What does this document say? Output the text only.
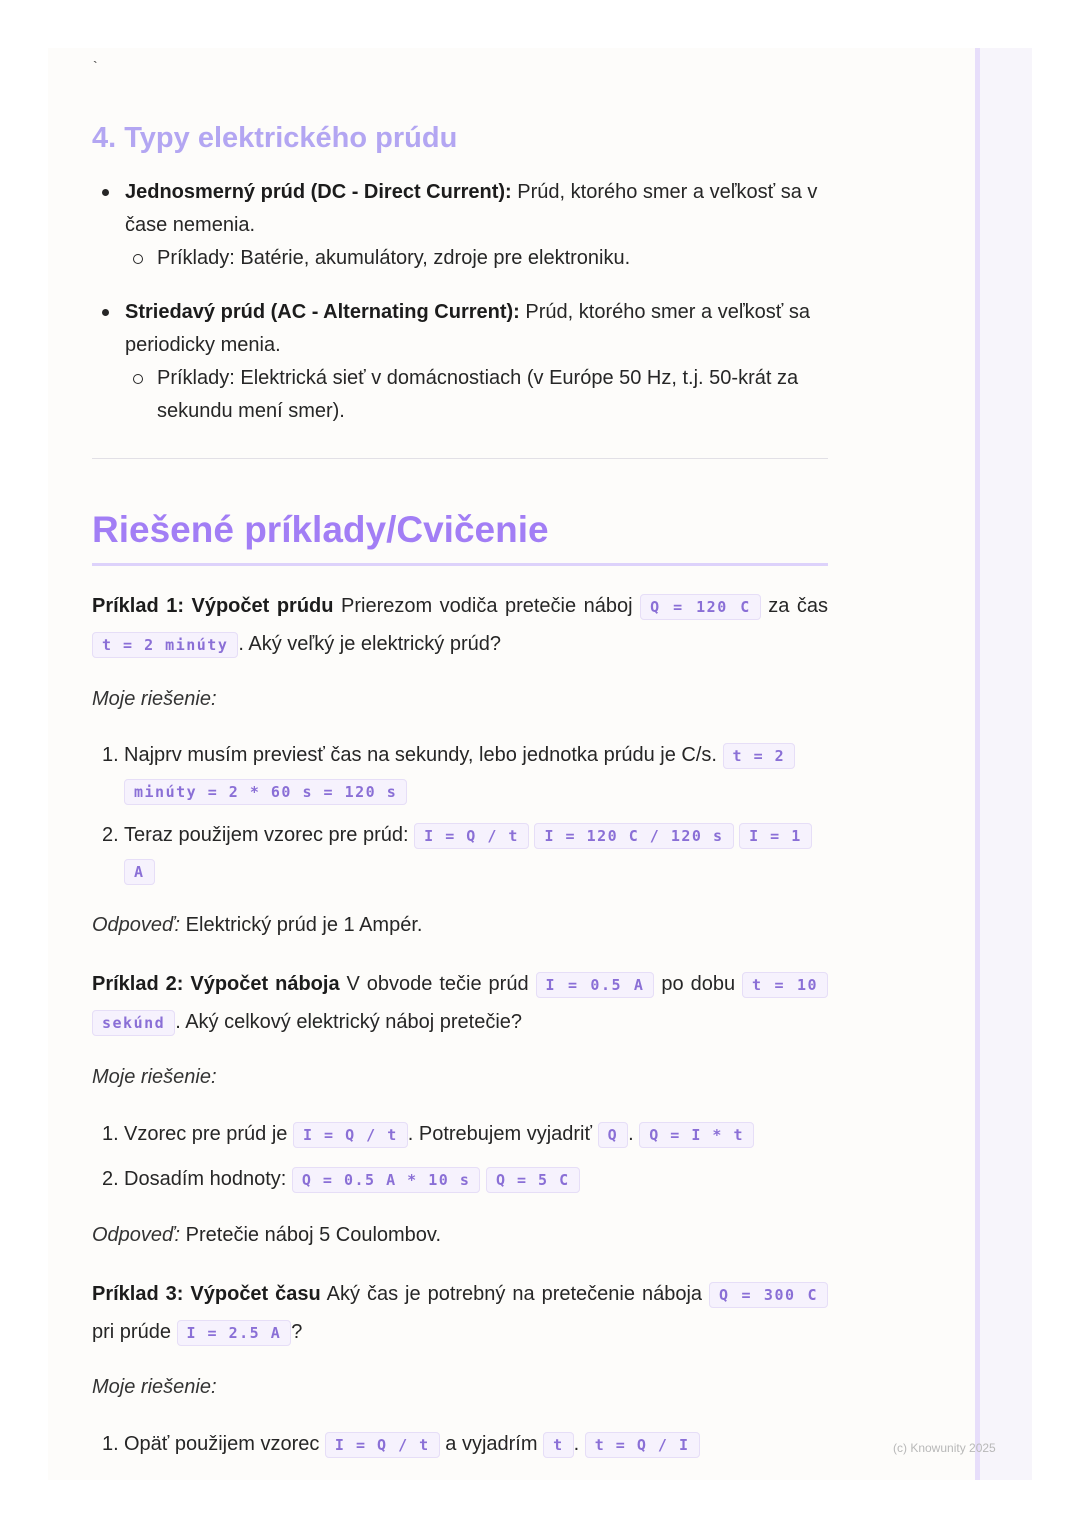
`
4. Typy elektrického prúdu
Jednosmerný prúd (DC - Direct Current): Prúd, ktorého smer a veľkosť sa v čase nemenia.
Príklady: Batérie, akumulátory, zdroje pre elektroniku.
Striedavý prúd (AC - Alternating Current): Prúd, ktorého smer a veľkosť sa periodicky menia.
Príklady: Elektrická sieť v domácnostiach (v Európe 50 Hz, t.j. 50-krát za sekundu mení smer).
Riešené príklady/Cvičenie
Príklad 1: Výpočet prúdu Prierezom vodiča pretečie náboj Q = 120 C za čas t = 2 minúty . Aký veľký je elektrický prúd?
Moje riešenie:
1. Najprv musím previesť čas na sekundy, lebo jednotka prúdu je C/s. t = 2 minúty = 2 * 60 s = 120 s
2. Teraz použijem vzorec pre prúd: I = Q / t I = 120 C / 120 s I = 1 A
Odpoveď: Elektrický prúd je 1 Ampér.
Príklad 2: Výpočet náboja V obvode tečie prúd I = 0.5 A po dobu t = 10 sekúnd . Aký celkový elektrický náboj pretečie?
Moje riešenie:
1. Vzorec pre prúd je I = Q / t . Potrebujem vyjadriť Q . Q = I * t
2. Dosadím hodnoty: Q = 0.5 A * 10 s Q = 5 C
Odpoveď: Pretečie náboj 5 Coulombov.
Príklad 3: Výpočet času Aký čas je potrebný na pretečenie náboja Q = 300 C pri prúde I = 2.5 A ?
Moje riešenie:
1. Opäť použijem vzorec I = Q / t a vyjadrím t . t = Q / I	(c) Knowunity 2025
